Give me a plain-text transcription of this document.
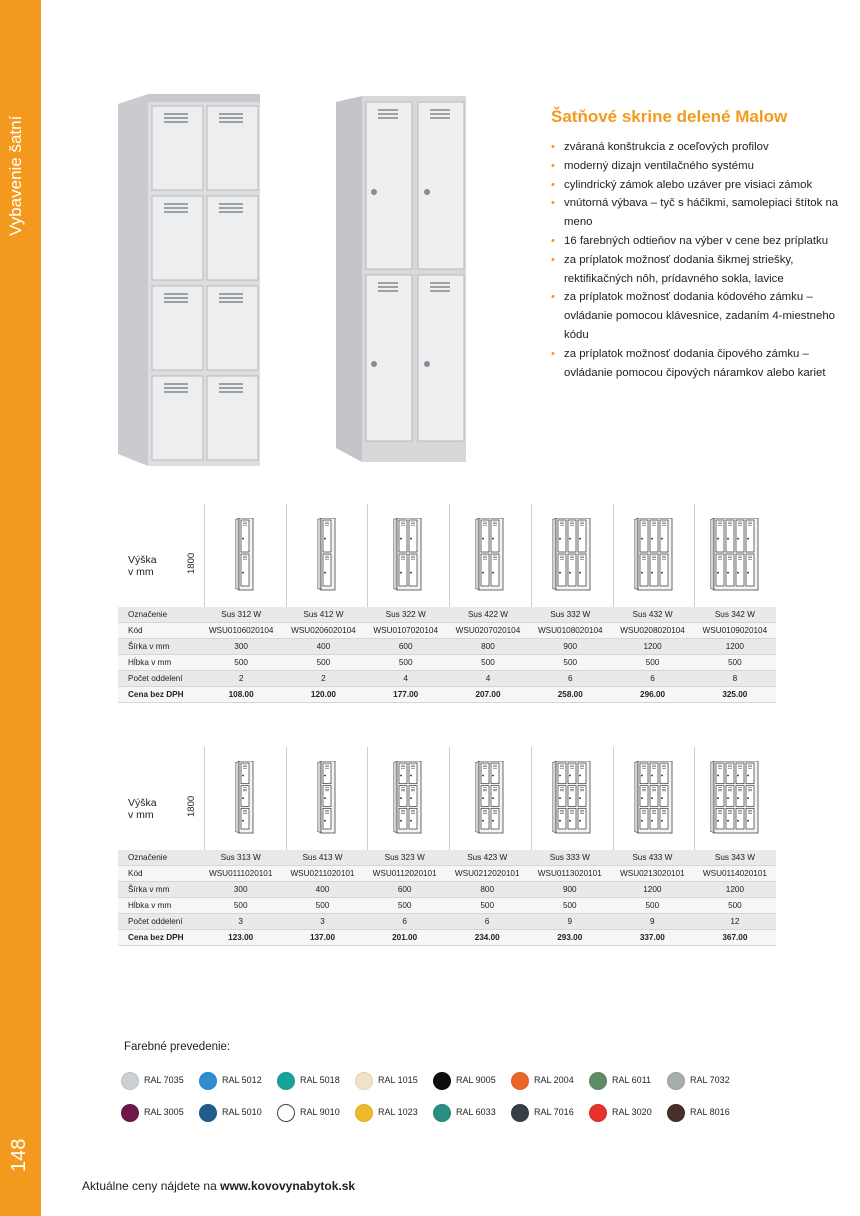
Vybavenie šatní
148
Šatňové skrine delené Malow
• zváraná konštrukcia z oceľových profilov
• moderný dizajn ventilačného systému
• cylindrický zámok alebo uzáver pre visiaci zámok
• vnútorná výbava – tyč s háčikmi, samolepiaci štítok na meno
• 16 farebných odtieňov na výber v cene bez príplatku
• za príplatok možnosť dodania šikmej striešky, rektifikačných nôh, prídavného sokla, lavice
• za príplatok možnosť dodania kódového zámku – ovládanie pomocou klávesnice, zadaním 4-miestneho kódu
• za príplatok možnosť dodania čipového zámku – ovládanie pomocou čipových náramkov alebo kariet
Výška
v mm	1800
Označenie	Sus 312 W	Sus 412 W	Sus 322 W	Sus 422 W	Sus 332 W	Sus 432 W	Sus 342 W
Kód	WSU0106020104	WSU0206020104	WSU0107020104	WSU0207020104	WSU0108020104	WSU0208020104	WSU0109020104
Šírka v mm	300	400	600	800	900	1200	1200
Hĺbka v mm	500	500	500	500	500	500	500
Počet oddelení	2	2	4	4	6	6	8
Cena bez DPH	108.00	120.00	177.00	207.00	258.00	296.00	325.00
Výška
v mm	1800
Označenie	Sus 313 W	Sus 413 W	Sus 323 W	Sus 423 W	Sus 333 W	Sus 433 W	Sus 343 W
Kód	WSU0111020101	WSU0211020101	WSU0112020101	WSU0212020101	WSU0113020101	WSU0213020101	WSU0114020101
Šírka v mm	300	400	600	800	900	1200	1200
Hĺbka v mm	500	500	500	500	500	500	500
Počet oddelení	3	3	6	6	9	9	12
Cena bez DPH	123.00	137.00	201.00	234.00	293.00	337.00	367.00
Farebné prevedenie:
RAL 7035	RAL 5012	RAL 5018	RAL 1015	RAL 9005	RAL 2004	RAL 6011	RAL 7032
RAL 3005	RAL 5010	RAL 9010	RAL 1023	RAL 6033	RAL 7016	RAL 3020	RAL 8016
Aktuálne ceny nájdete na www.kovovynabytok.sk
